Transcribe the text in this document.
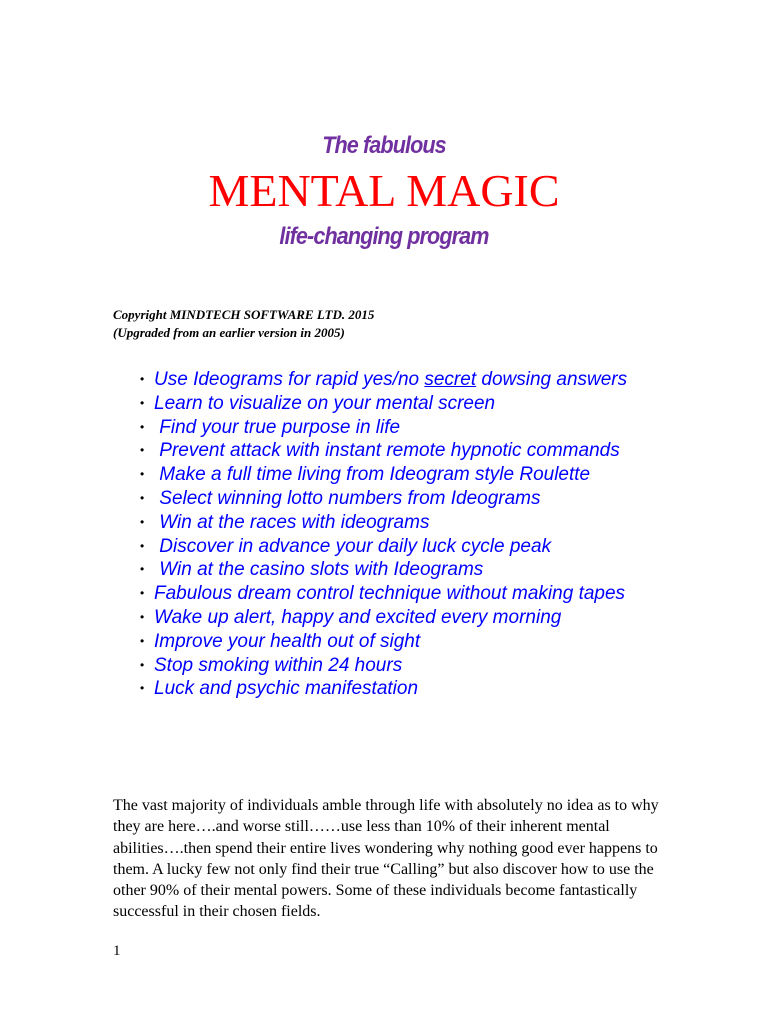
The fabulous
MENTAL MAGIC
life-changing program
Copyright MINDTECH SOFTWARE LTD. 2015
(Upgraded from an earlier version in 2005)
• Use Ideograms for rapid yes/no secret dowsing answers
• Learn to visualize on your mental screen
• Find your true purpose in life
• Prevent attack with instant remote hypnotic commands
• Make a full time living from Ideogram style Roulette
• Select winning lotto numbers from Ideograms
• Win at the races with ideograms
• Discover in advance your daily luck cycle peak
• Win at the casino slots with Ideograms
• Fabulous dream control technique without making tapes
• Wake up alert, happy and excited every morning
• Improve your health out of sight
• Stop smoking within 24 hours
• Luck and psychic manifestation

The vast majority of individuals amble through life with absolutely no idea as to why they are here….and worse still……use less than 10% of their inherent mental abilities….then spend their entire lives wondering why nothing good ever happens to them. A lucky few not only find their true “Calling” but also discover how to use the other 90% of their mental powers. Some of these individuals become fantastically successful in their chosen fields.

1
